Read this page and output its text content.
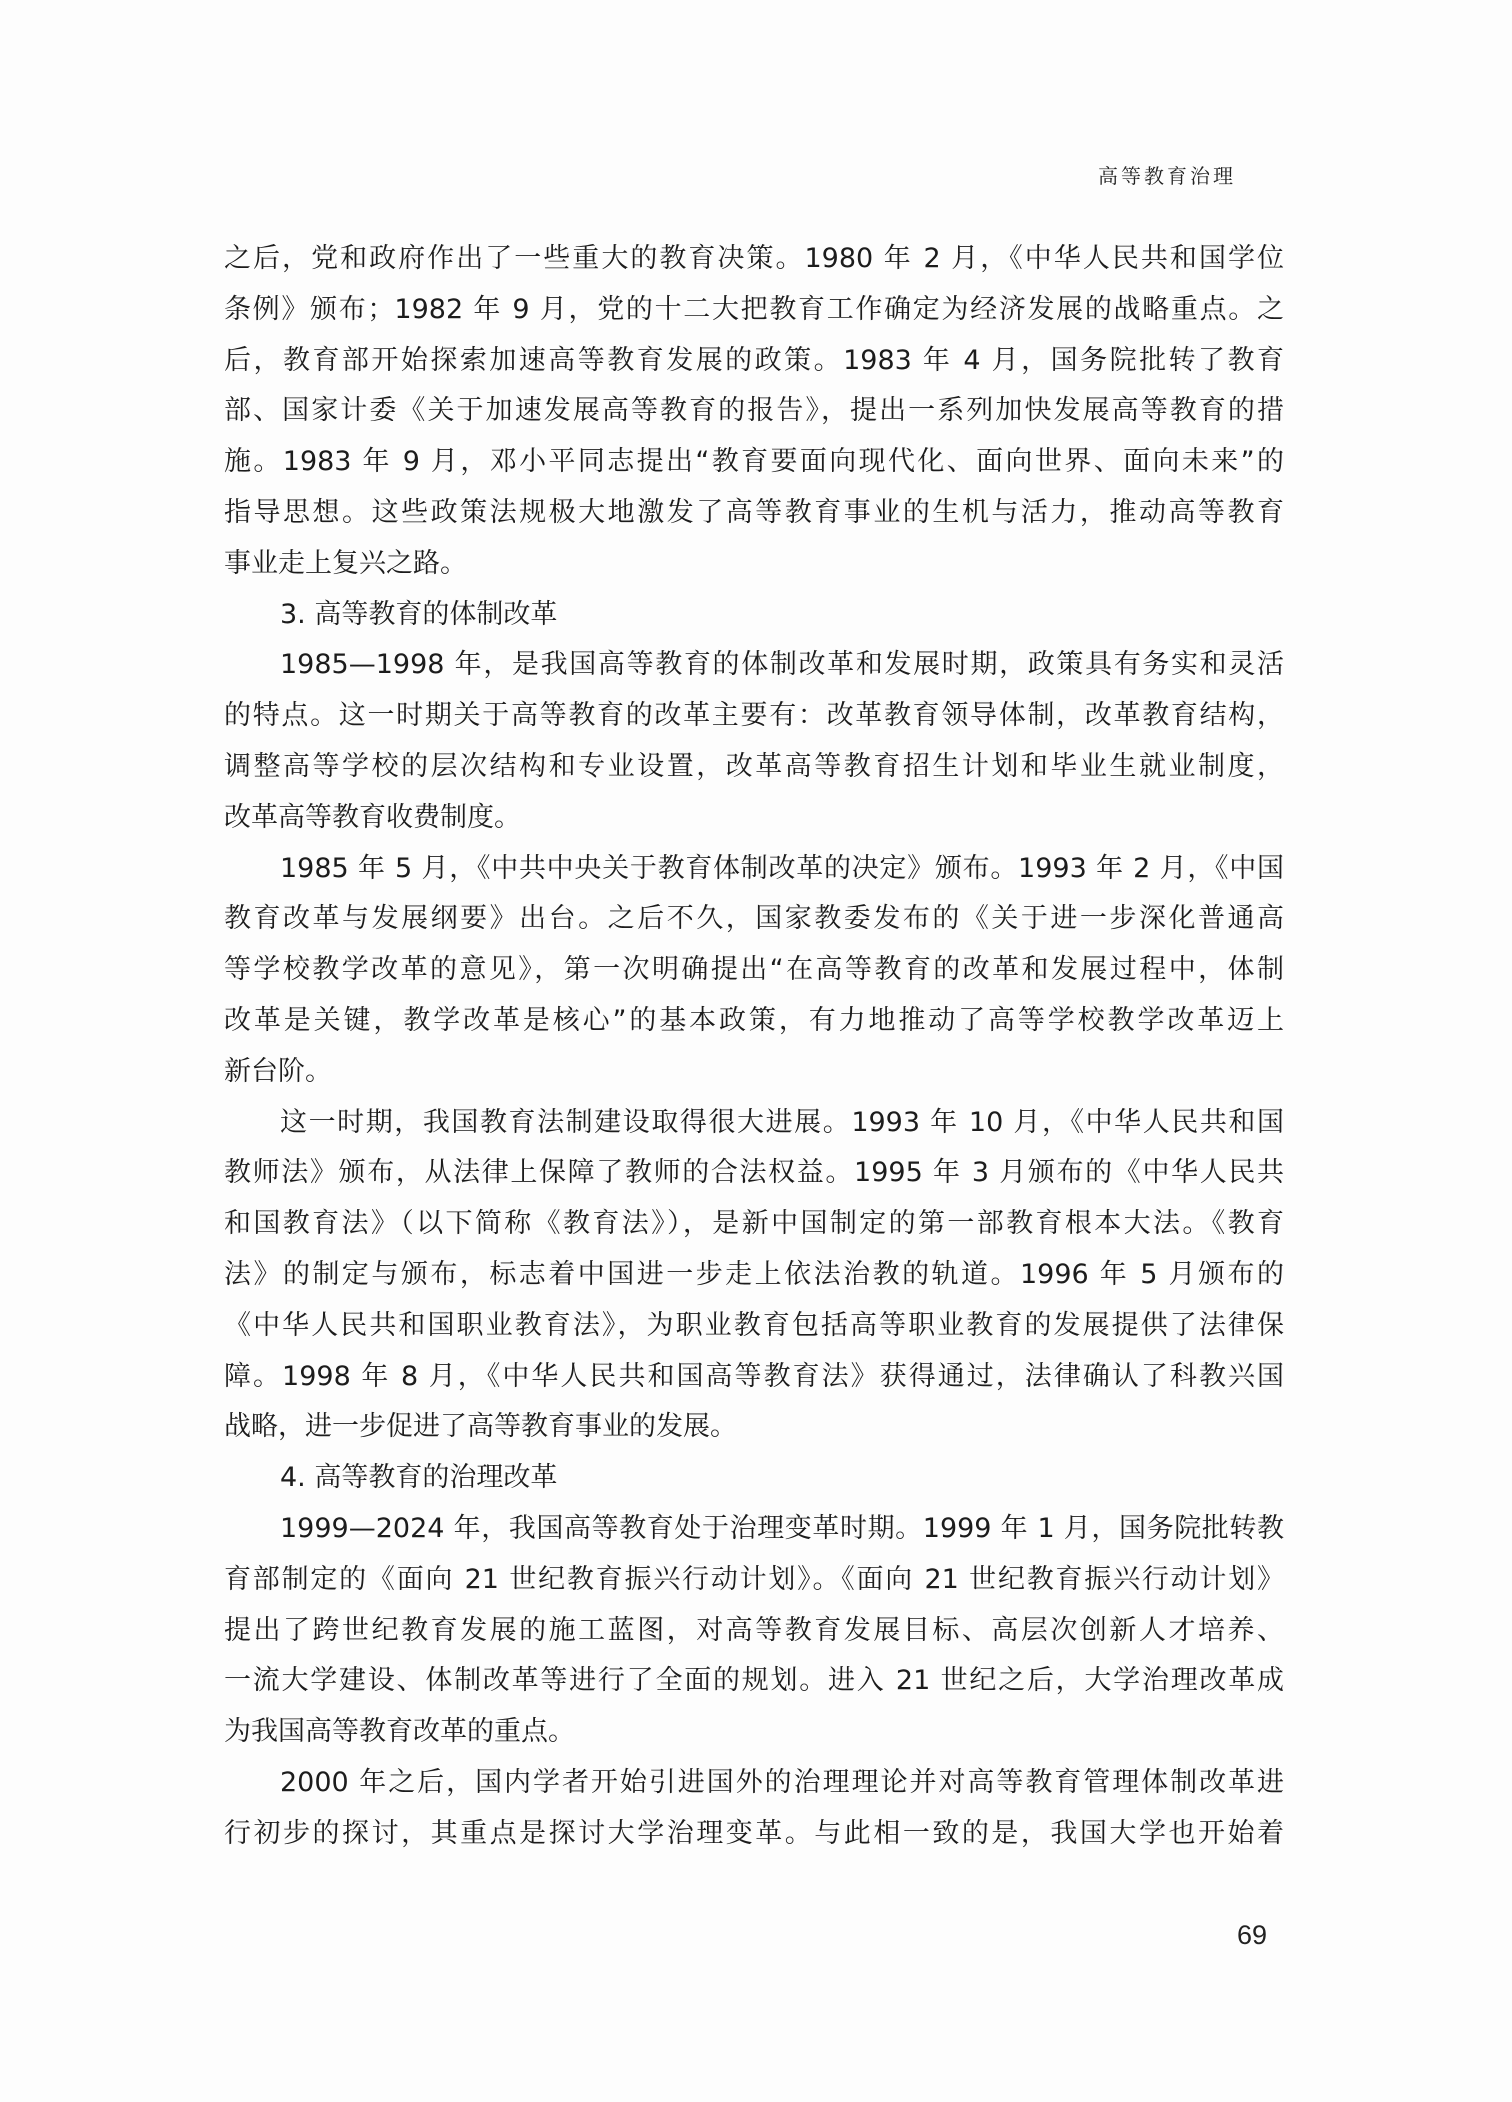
高等教育治理
之后，党和政府作出了一些重大的教育决策。1980 年 2 月，《中华人民共和国学位
条例》颁布；1982 年 9 月，党的十二大把教育工作确定为经济发展的战略重点。之
后，教育部开始探索加速高等教育发展的政策。1983 年 4 月，国务院批转了教育
部、国家计委《关于加速发展高等教育的报告》，提出一系列加快发展高等教育的措
施。1983 年 9 月，邓小平同志提出“教育要面向现代化、面向世界、面向未来”的
指导思想。这些政策法规极大地激发了高等教育事业的生机与活力，推动高等教育
事业走上复兴之路。
3. 高等教育的体制改革
1985—1998 年，是我国高等教育的体制改革和发展时期，政策具有务实和灵活
的特点。这一时期关于高等教育的改革主要有：改革教育领导体制，改革教育结构，
调整高等学校的层次结构和专业设置，改革高等教育招生计划和毕业生就业制度，
改革高等教育收费制度。
1985 年 5 月，《中共中央关于教育体制改革的决定》颁布。1993 年 2 月，《中国
教育改革与发展纲要》出台。之后不久，国家教委发布的《关于进一步深化普通高
等学校教学改革的意见》，第一次明确提出“在高等教育的改革和发展过程中，体制
改革是关键，教学改革是核心”的基本政策，有力地推动了高等学校教学改革迈上
新台阶。
这一时期，我国教育法制建设取得很大进展。1993 年 10 月，《中华人民共和国
教师法》颁布，从法律上保障了教师的合法权益。1995 年 3 月颁布的《中华人民共
和国教育法》（以下简称《教育法》），是新中国制定的第一部教育根本大法。《教育
法》的制定与颁布，标志着中国进一步走上依法治教的轨道。1996 年 5 月颁布的
《中华人民共和国职业教育法》，为职业教育包括高等职业教育的发展提供了法律保
障。1998 年 8 月，《中华人民共和国高等教育法》获得通过，法律确认了科教兴国
战略，进一步促进了高等教育事业的发展。
4. 高等教育的治理改革
1999—2024 年，我国高等教育处于治理变革时期。1999 年 1 月，国务院批转教
育部制定的《面向 21 世纪教育振兴行动计划》。《面向 21 世纪教育振兴行动计划》
提出了跨世纪教育发展的施工蓝图，对高等教育发展目标、高层次创新人才培养、
一流大学建设、体制改革等进行了全面的规划。进入 21 世纪之后，大学治理改革成
为我国高等教育改革的重点。
2000 年之后，国内学者开始引进国外的治理理论并对高等教育管理体制改革进
行初步的探讨，其重点是探讨大学治理变革。与此相一致的是，我国大学也开始着
69
